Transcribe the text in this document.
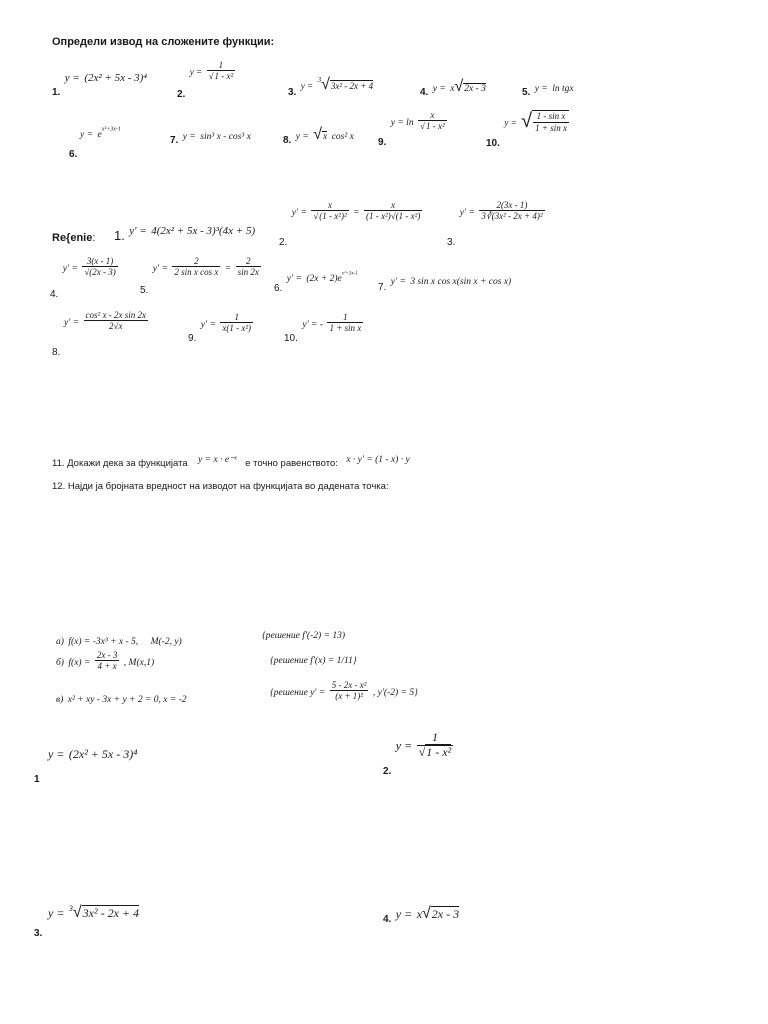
Определи извод на сложените функции:
$_{1.}$ y = (2x² + 5x - 3)⁴
$_{2.}$ $y = \frac{1}{\text{√1 - x²}}$
$_{3.}$ y = $^3$√3x² - 2x + 4
$_{4.}$ y = x√2x - 3	$_{5.}$ y = ln tgx
$y = e^{x^2+3x-1}$
6.
$_{7.}$ y = sin³ x - cos³ x	$_{8.}$ y = √x cos² x
$_{9.}$ $y = \ln \frac{x}{\text{√1 - x²}}$
$_{10.}$ y = √ $\frac{\text{1 - sin x}}{\text{1 + sin x}}$
Re{enie: $_{1.}$ y′ = 4(2x² + 5x - 3)³(4x + 5)
$_{2.}$ $y' = \frac{x}{\text{√(1 - x²)²}} = \frac{x}{\text{(1 - x²)√(1 - x²)}}$
$_{3.}$ $y' = \frac{2(3x - 1)}{\text{3∛(3x² - 2x + 4)²}}$
$_{4.}$ $y' = \frac{3(x - 1)}{√(2x - 3)}$
$_{5.}$ $y' = \frac{2}{\text{2 sin x cos x}} = \frac{2}{\sin 2x}$
$_{6.}$ $y' = (2x + 2)e^{x^2+3x-1}$
$_{7.}$ y′ = 3 sin x cos x(sin x + cos x)
$y' = \frac{\text{cos² x - 2x sin 2x}}{2√x}$
8.
$_{9.}$ $y' = \frac{1}{\text{x(1 - x²)}}$
$_{10.}$ y′ = - $\frac{1}{\text{1 + sin x}}$
$_{11. Докажи дека за функцијата}$ y = x · e⁻ˣ $_{е точно равенството:}$ x · y′ = (1 - x) · y
12. Најди ја бројната вредност на изводот на функцијата во дадената точка:
а) f(x) = -3x³ + x - 5, M(-2, y)
{решение f′(-2) = 13)
б) $f(x) = \frac{2x - 3}{4 + x}$ , M(x,1)	{решение f′(x) = 1/11}
в) x² + xy - 3x + y + 2 = 0, x = -2
{решение $y' = \frac{\text{5 - 2x - x²}}{\text{(x + 1)²}}$ , y′(-2) = 5}
y = (2x² + 5x - 3)⁴
1
$_{2.}$ $y = \frac{1}{\text{√1 - x²}}$
y = $^3$√3x² - 2x + 4
3.
$_{4.}$ y = x√2x - 3
